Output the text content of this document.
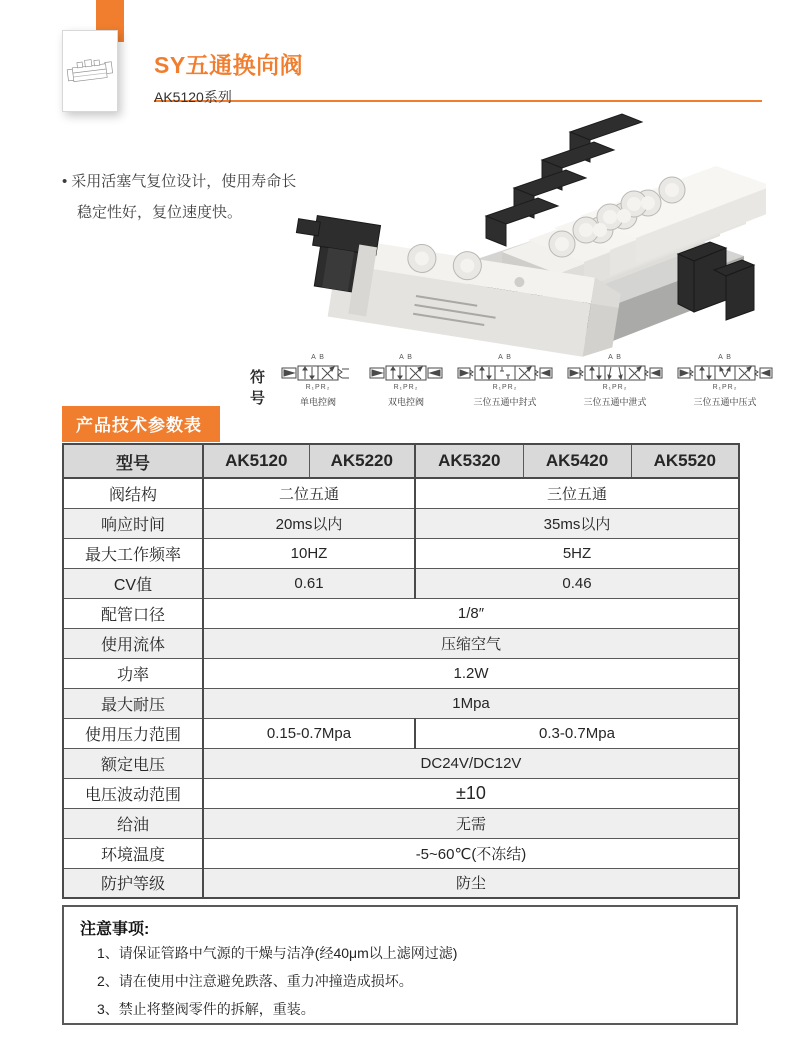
SY五通换向阀
AK5120系列
• 采用活塞气复位设计，使用寿命长
稳定性好，复位速度快。
符号
A B
R₁PR₂
单电控阀
A B
R₁PR₂
双电控阀
A B
R₁PR₂
三位五通中封式
A B
R₁PR₂
三位五通中泄式
A B
R₁PR₂
三位五通中压式
产品技术参数表
型号	AK5120	AK5220	AK5320	AK5420	AK5520
阀结构	二位五通		三位五通		
响应时间	20ms以内		35ms以内		
最大工作频率	10HZ		5HZ		
CV值	0.61		0.46		
配管口径	1/8″				
使用流体	压缩空气				
功率	1.2W				
最大耐压	1Mpa				
使用压力范围	0.15-0.7Mpa		0.3-0.7Mpa		
额定电压	DC24V/DC12V				
电压波动范围	±10				
给油	无需				
环境温度	-5~60℃(不冻结)				
防护等级	防尘				
注意事项:
1、请保证管路中气源的干燥与洁净(经40μm以上滤网过滤)
2、请在使用中注意避免跌落、重力冲撞造成损坏。
3、禁止将整阀零件的拆解，重装。
